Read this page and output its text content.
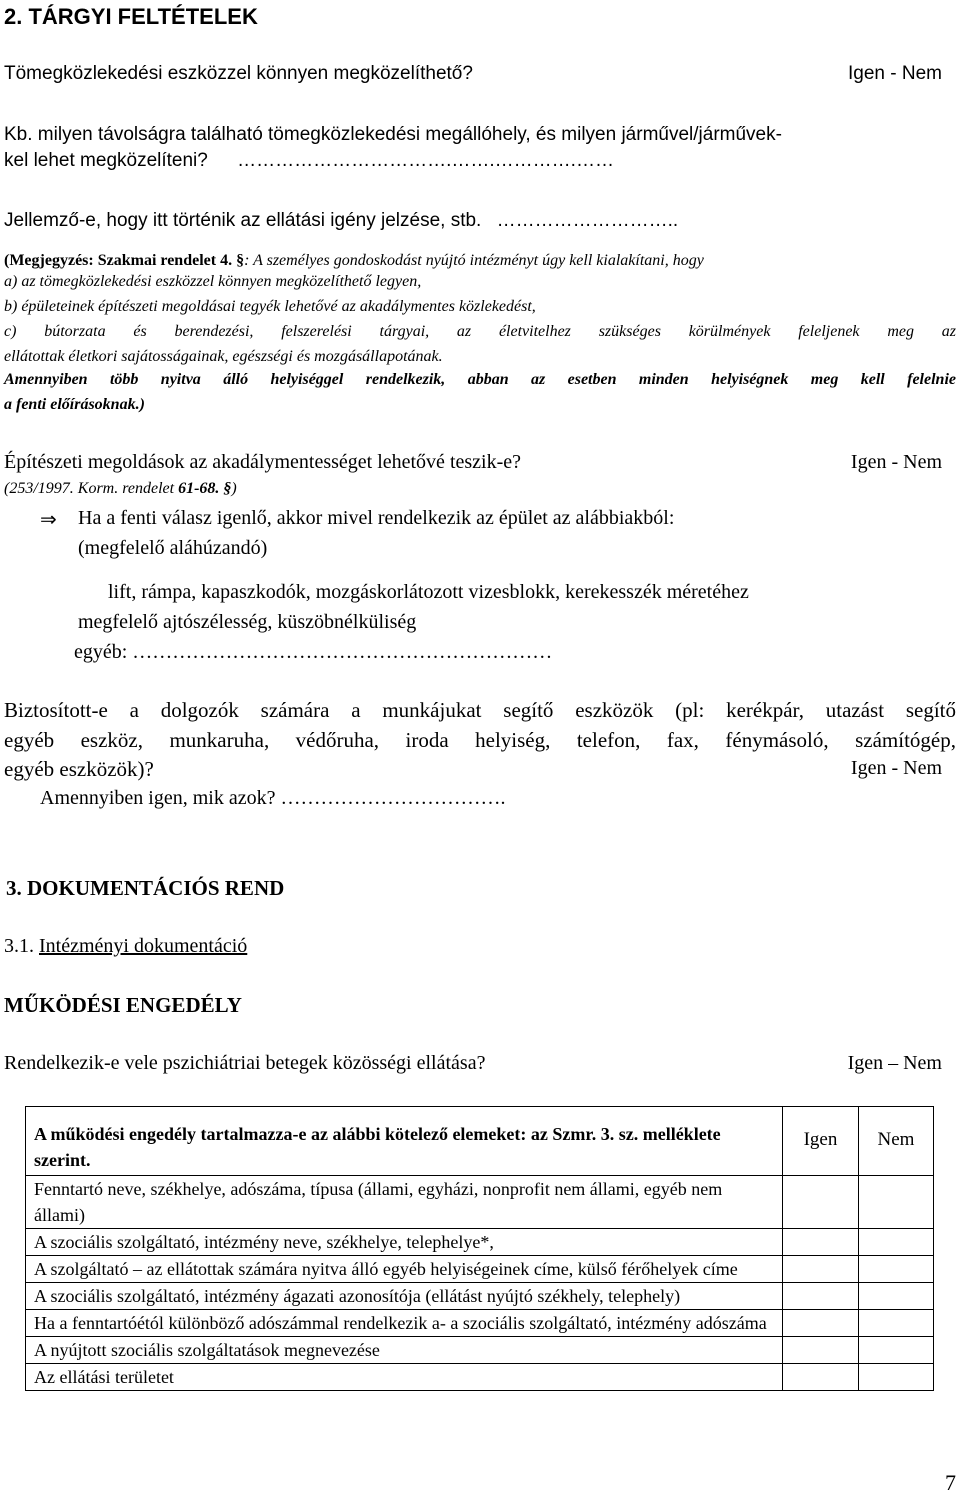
2. TÁRGYI FELTÉTELEK
Tömegközlekedési eszközzel könnyen megközelíthető?	Igen - Nem
Kb. milyen távolságra található tömegközlekedési megállóhely, és milyen járművel/járművek-
kel lehet megközelíteni? …………………………….…….………….……
Jellemző-e, hogy itt történik az ellátási igény jelzése, stb. ………………………..
(Megjegyzés: Szakmai rendelet 4. §: A személyes gondoskodást nyújtó intézményt úgy kell kialakítani, hogy
a) az tömegközlekedési eszközzel könnyen megközelíthető legyen,
b) épületeinek építészeti megoldásai tegyék lehetővé az akadálymentes közlekedést,
c) bútorzata és berendezési, felszerelési tárgyai, az életvitelhez szükséges körülmények feleljenek meg az
ellátottak életkori sajátosságainak, egészségi és mozgásállapotának.
Amennyiben több nyitva álló helyiséggel rendelkezik, abban az esetben minden helyiségnek meg kell felelnie
a fenti előírásoknak.)
Építészeti megoldások az akadálymentességet lehetővé teszik-e?	Igen - Nem
(253/1997. Korm. rendelet 61-68. §)
⇒ Ha a fenti válasz igenlő, akkor mivel rendelkezik az épület az alábbiakból:
(megfelelő aláhúzandó)
lift, rámpa, kapaszkodók, mozgáskorlátozott vizesblokk, kerekesszék méretéhez
megfelelő ajtószélesség, küszöbnélküliség
egyéb: ………………………………………………………
Biztosított-e a dolgozók számára a munkájukat segítő eszközök (pl: kerékpár, utazást segítő
egyéb eszköz, munkaruha, védőruha, iroda helyiség, telefon, fax, fénymásoló, számítógép,
egyéb eszközök)?	Igen - Nem
Amennyiben igen, mik azok? …………………………….
3. DOKUMENTÁCIÓS REND
3.1. Intézményi dokumentáció
MŰKÖDÉSI ENGEDÉLY
Rendelkezik-e vele pszichiátriai betegek közösségi ellátása?	Igen – Nem
A működési engedély tartalmazza-e az alábbi kötelező elemeket: az Szmr. 3. sz. melléklete szerint.	Igen	Nem
Fenntartó neve, székhelye, adószáma, típusa (állami, egyházi, nonprofit nem állami, egyéb nem állami)		
A szociális szolgáltató, intézmény neve, székhelye, telephelye*,		
A szolgáltató – az ellátottak számára nyitva álló egyéb helyiségeinek címe, külső férőhelyek címe		
A szociális szolgáltató, intézmény ágazati azonosítója (ellátást nyújtó székhely, telephely)		
Ha a fenntartóétól különböző adószámmal rendelkezik a- a szociális szolgáltató, intézmény adószáma		
A nyújtott szociális szolgáltatások megnevezése		
Az ellátási területet		
7
